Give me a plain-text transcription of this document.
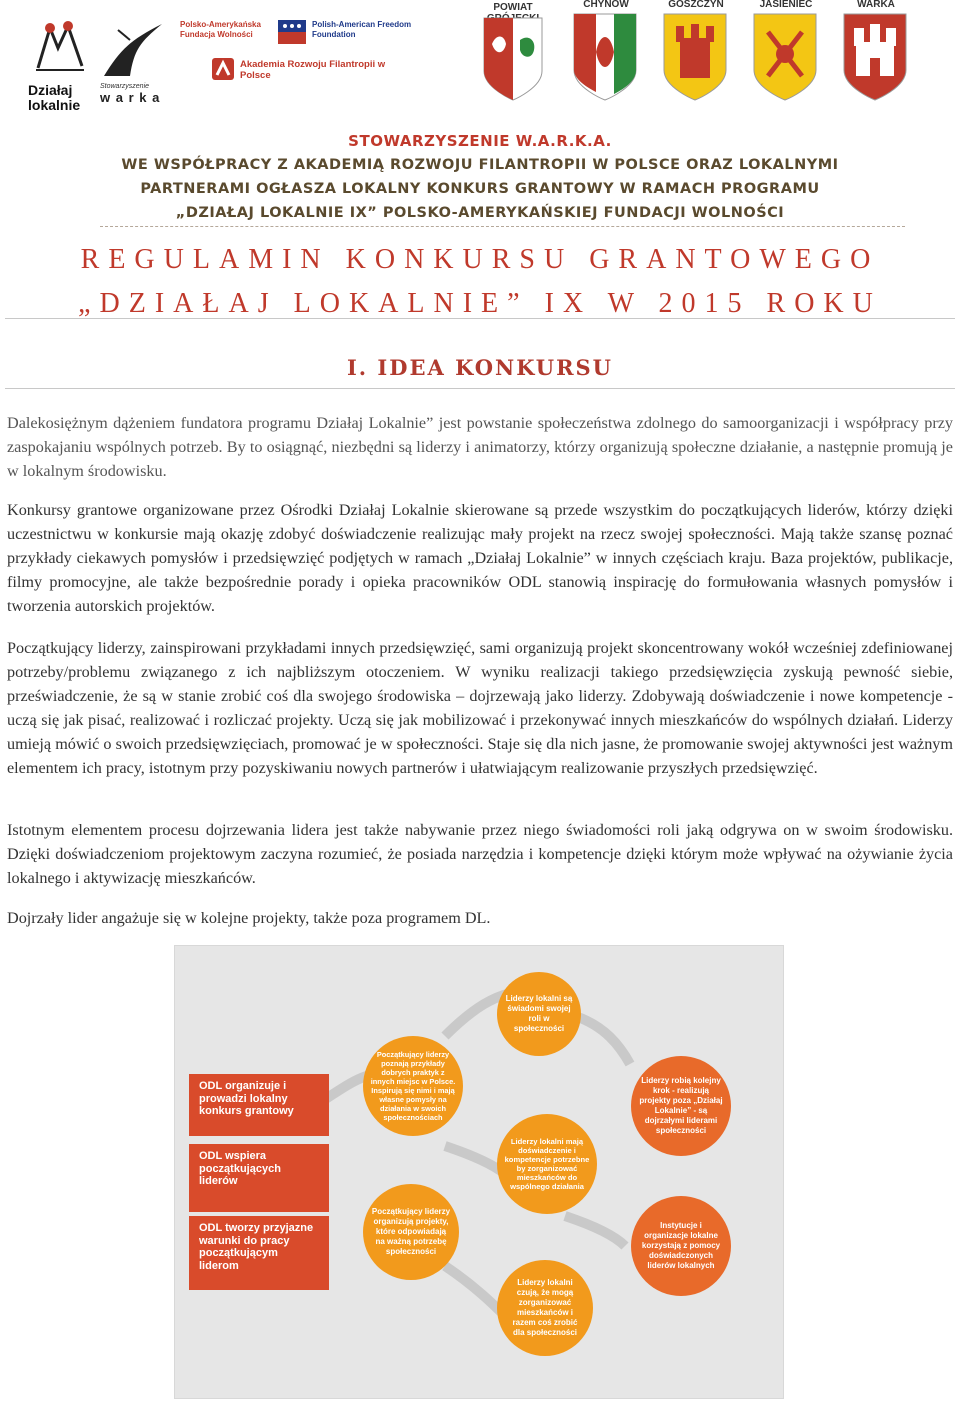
Działaj lokalnie
Stowarzyszenie
w a r k a
Polsko-Amerykańska Fundacja Wolności
Polish-American Freedom Foundation
Akademia Rozwoju Filantropii w Polsce
POWIAT	CHYNÓW	GOSZCZYN	JASIENIEC	WARKA
STOWARZYSZENIE W.A.R.K.A.
WE WSPÓŁPRACY Z AKADEMIĄ ROZWOJU FILANTROPII W POLSCE ORAZ LOKALNYMI
PARTNERAMI OGŁASZA LOKALNY KONKURS GRANTOWY W RAMACH PROGRAMU
„DZIAŁAJ LOKALNIE IX” POLSKO-AMERYKAŃSKIEJ FUNDACJI WOLNOŚCI
REGULAMIN KONKURSU GRANTOWEGO
„DZIAŁAJ LOKALNIE” IX W 2015 ROKU
I. IDEA KONKURSU
Dalekosiężnym dążeniem fundatora programu Działaj Lokalnie” jest powstanie społeczeństwa zdolnego do samoorganizacji i współpracy przy zaspokajaniu wspólnych potrzeb. By to osiągnąć, niezbędni są liderzy i animatorzy, którzy organizują społeczne działanie, a następnie promują je w lokalnym środowisku.
Konkursy grantowe organizowane przez Ośrodki Działaj Lokalnie skierowane są przede wszystkim do początkujących liderów, którzy dzięki uczestnictwu w konkursie mają okazję zdobyć doświadczenie realizując mały projekt na rzecz swojej społeczności. Mają także szansę poznać przykłady ciekawych pomysłów i przedsięwzięć podjętych w ramach „Działaj Lokalnie” w innych częściach kraju. Baza projektów, publikacje, filmy promocyjne, ale także bezpośrednie porady i opieka pracowników ODL stanowią inspirację do formułowania własnych pomysłów i tworzenia autorskich projektów.
Początkujący liderzy, zainspirowani przykładami innych przedsięwzięć, sami organizują projekt skoncentrowany wokół wcześniej zdefiniowanej potrzeby/problemu związanego z ich najbliższym otoczeniem. W wyniku realizacji takiego przedsięwzięcia zyskują pewność siebie, przeświadczenie, że są w stanie zrobić coś dla swojego środowiska – dojrzewają jako liderzy. Zdobywają doświadczenie i nowe kompetencje - uczą się jak pisać, realizować i rozliczać projekty. Uczą się jak mobilizować i przekonywać innych mieszkańców do wspólnych działań. Liderzy umieją mówić o swoich przedsięwzięciach, promować je w społeczności. Staje się dla nich jasne, że promowanie swojej aktywności jest ważnym elementem ich pracy, istotnym przy pozyskiwaniu nowych partnerów i ułatwiającym realizowanie przyszłych przedsięwzięć.
Istotnym elementem procesu dojrzewania lidera jest także nabywanie przez niego świadomości roli jaką odgrywa on w swoim środowisku. Dzięki doświadczeniom projektowym zaczyna rozumieć, że posiada narzędzia i kompetencje dzięki którym może wpływać na ożywianie życia lokalnego i aktywizację mieszkańców.
Dojrzały lider angażuje się w kolejne projekty, także poza programem DL.
ODL organizuje i prowadzi lokalny konkurs grantowy
ODL wspiera początkujących liderów
ODL tworzy przyjazne warunki do pracy początkującym liderom
Liderzy lokalni są świadomi swojej roli w społeczności
Początkujący liderzy poznają przykłady dobrych praktyk z innych miejsc w Polsce. Inspirują się nimi i mają własne pomysły na działania w swoich społecznościach
Liderzy robią kolejny krok - realizują projekty poza „Działaj Lokalnie” - są dojrzałymi liderami społeczności
Liderzy lokalni mają doświadczenie i kompetencje potrzebne by zorganizować mieszkańców do wspólnego działania
Początkujący liderzy organizują projekty, które odpowiadają na ważną potrzebę społeczności
Instytucje i organizacje lokalne korzystają z pomocy doświadczonych liderów lokalnych
Liderzy lokalni czują, że mogą zorganizować mieszkańców i razem coś zrobić dla społeczności
